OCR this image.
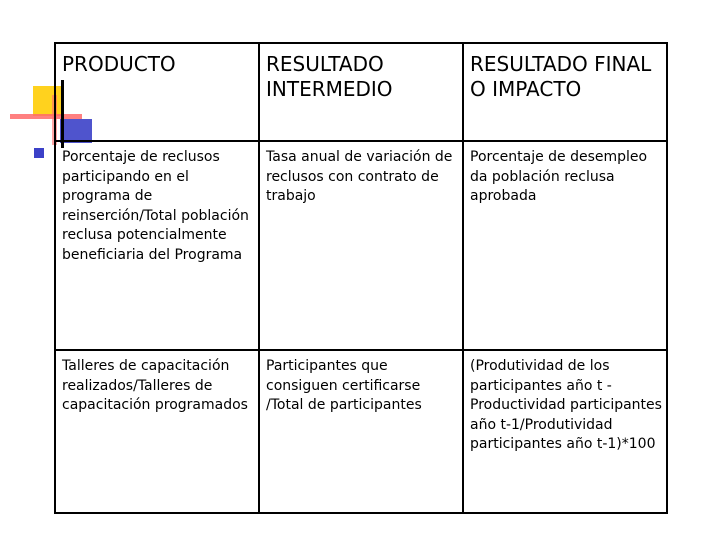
PRODUCTO	RESULTADO INTERMEDIO	RESULTADO FINAL O IMPACTO
Porcentaje de reclusos participando en el programa de reinserción/Total población reclusa potencialmente beneficiaria del Programa	Tasa anual de variación de reclusos con contrato de trabajo	Porcentaje de desempleo da población reclusa aprobada
Talleres de capacitación realizados/Talleres de capacitación programados	Participantes que consiguen certificarse /Total de participantes	(Produtividad de los participantes año t - Productividad participantes año t-1/Produtividad participantes año t-1)*100
